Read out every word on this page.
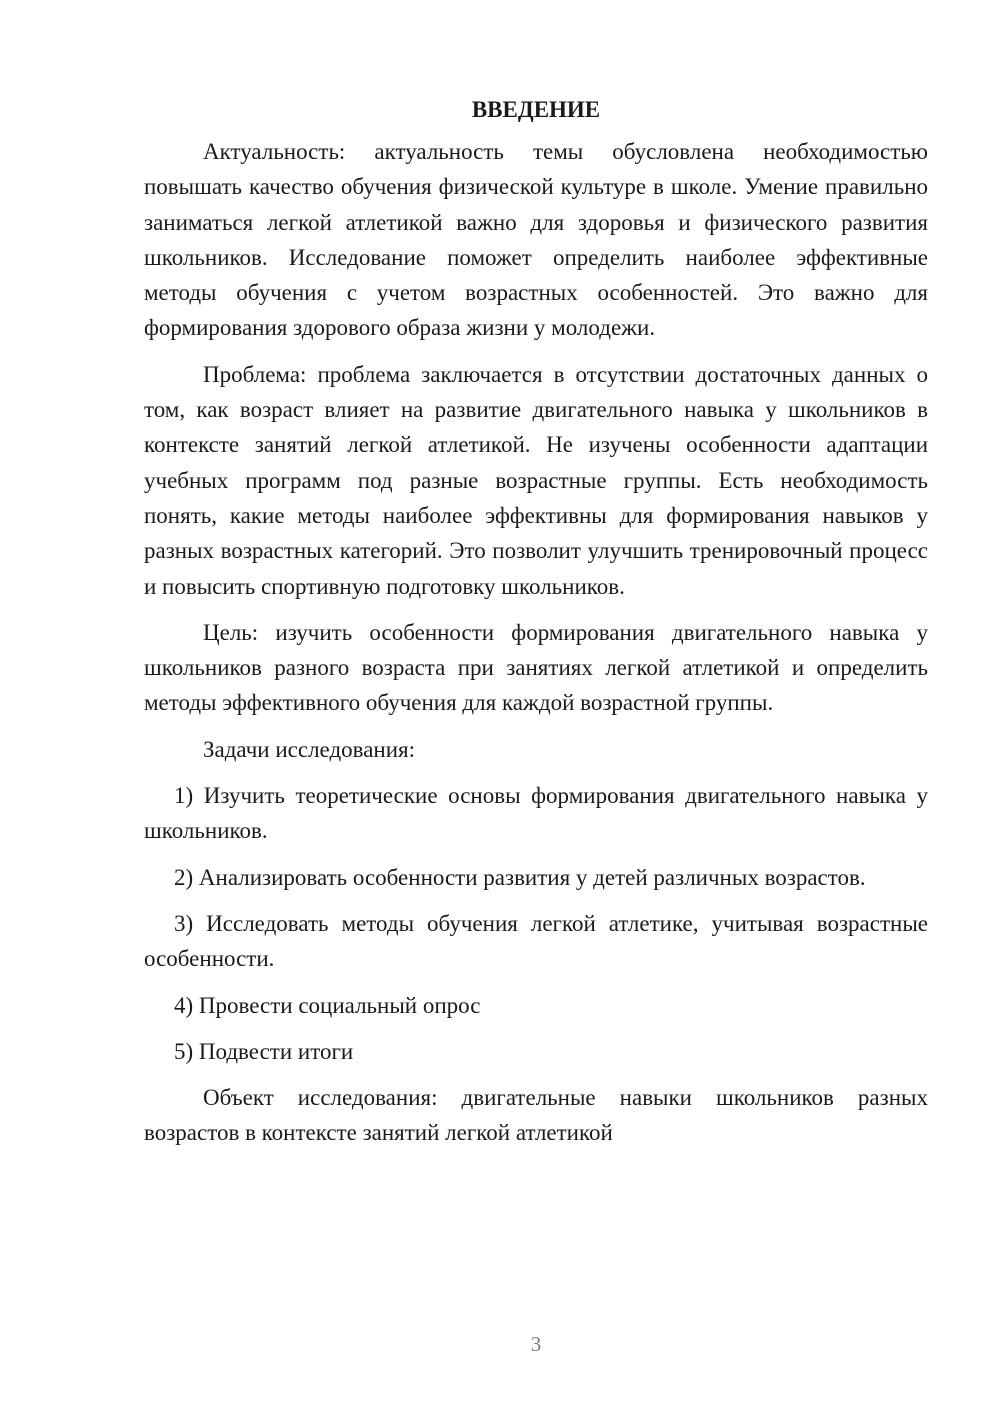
ВВЕДЕНИЕ

Актуальность: актуальность темы обусловлена необходимостью повышать качество обучения физической культуре в школе. Умение правильно заниматься легкой атлетикой важно для здоровья и физического развития школьников. Исследование поможет определить наиболее эффективные методы обучения с учетом возрастных особенностей. Это важно для формирования здорового образа жизни у молодежи.

Проблема: проблема заключается в отсутствии достаточных данных о том, как возраст влияет на развитие двигательного навыка у школьников в контексте занятий легкой атлетикой. Не изучены особенности адаптации учебных программ под разные возрастные группы. Есть необходимость понять, какие методы наиболее эффективны для формирования навыков у разных возрастных категорий. Это позволит улучшить тренировочный процесс и повысить спортивную подготовку школьников.

Цель: изучить особенности формирования двигательного навыка у школьников разного возраста при занятиях легкой атлетикой и определить методы эффективного обучения для каждой возрастной группы.

Задачи исследования:

1) Изучить теоретические основы формирования двигательного навыка у школьников.

2) Анализировать особенности развития у детей различных возрастов.

3) Исследовать методы обучения легкой атлетике, учитывая возрастные особенности.

4) Провести социальный опрос

5) Подвести итоги

Объект исследования: двигательные навыки школьников разных возрастов в контексте занятий легкой атлетикой

3
